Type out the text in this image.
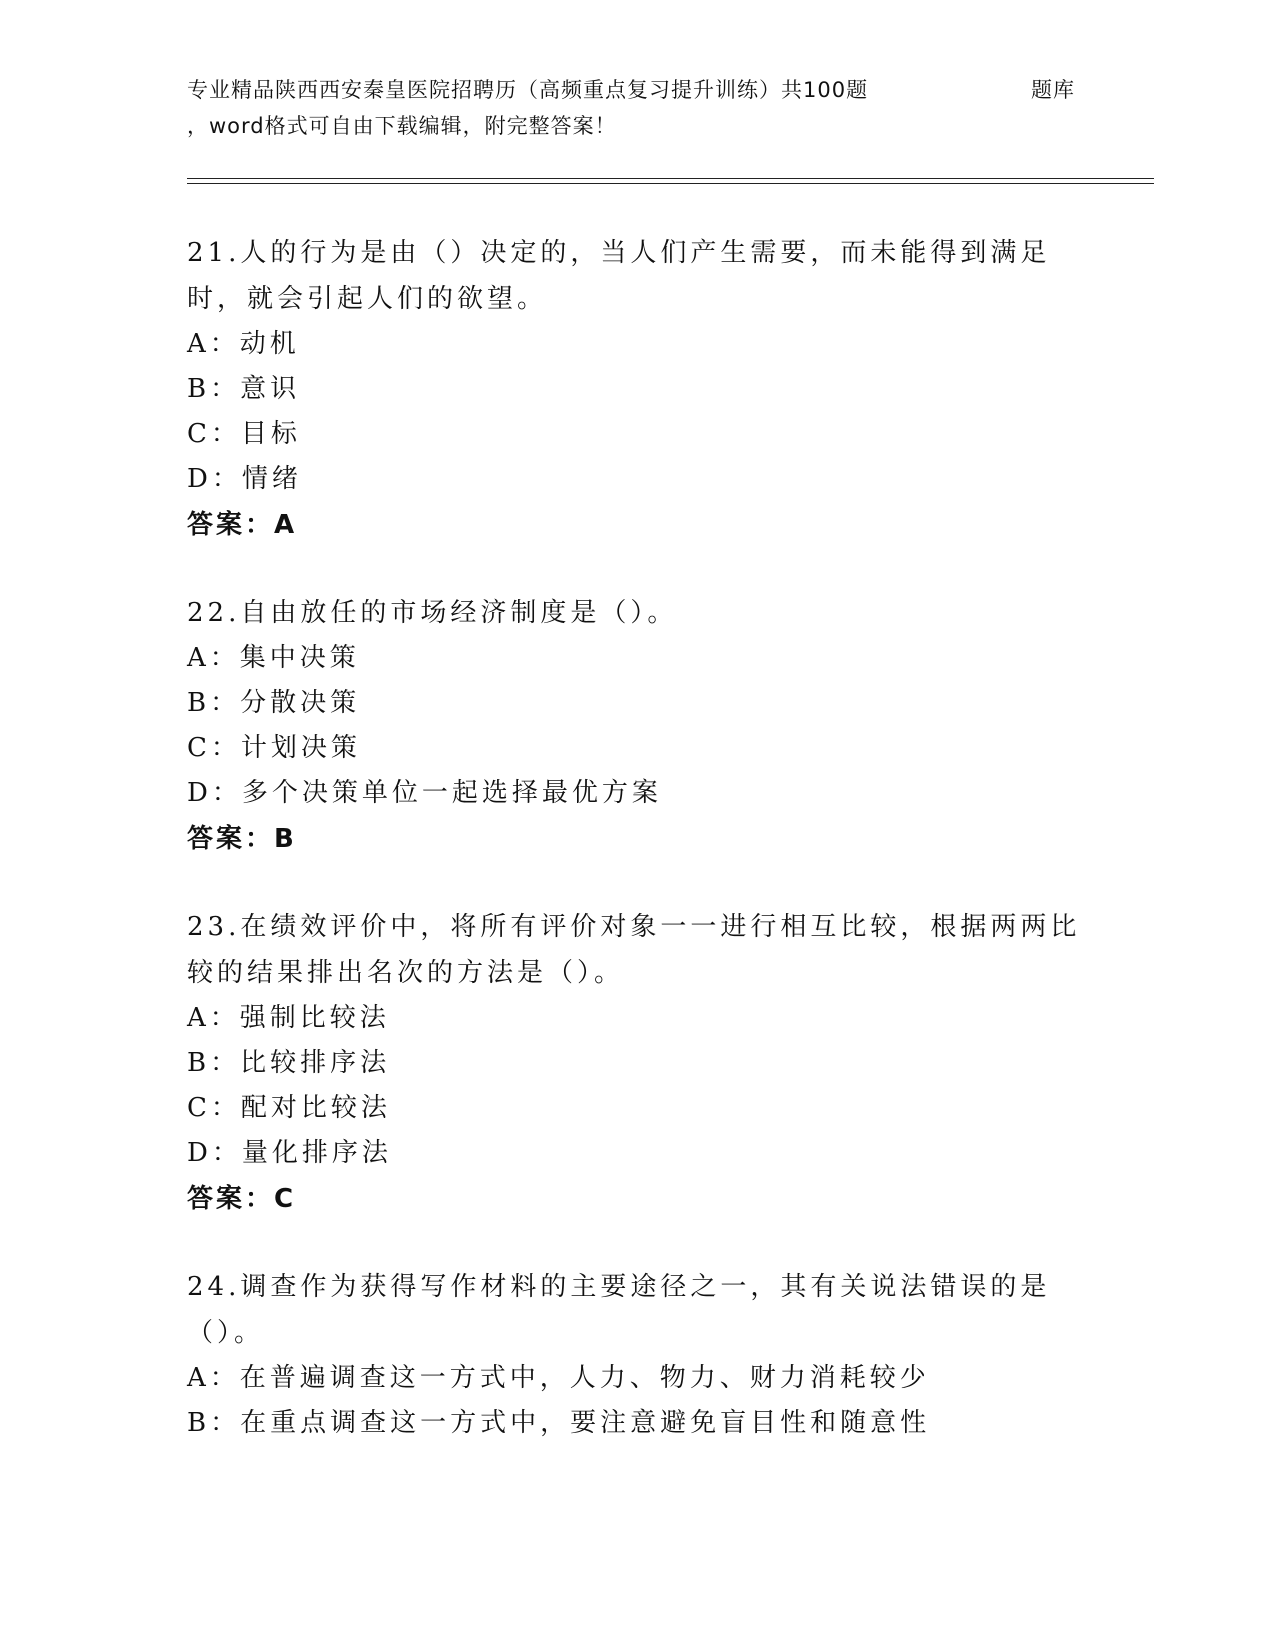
专业精品陕西西安秦皇医院招聘历（高频重点复习提升训练）共100题	题库
，word格式可自由下载编辑，附完整答案！
21.人的行为是由（）决定的，当人们产生需要，而未能得到满足时，就会引起人们的欲望。
A：动机
B：意识
C：目标
D：情绪
答案：A
22.自由放任的市场经济制度是（）。
A：集中决策
B：分散决策
C：计划决策
D：多个决策单位一起选择最优方案
答案：B
23.在绩效评价中，将所有评价对象一一进行相互比较，根据两两比较的结果排出名次的方法是（）。
A：强制比较法
B：比较排序法
C：配对比较法
D：量化排序法
答案：C
24.调查作为获得写作材料的主要途径之一，其有关说法错误的是（）。
A：在普遍调查这一方式中，人力、物力、财力消耗较少
B：在重点调查这一方式中，要注意避免盲目性和随意性
